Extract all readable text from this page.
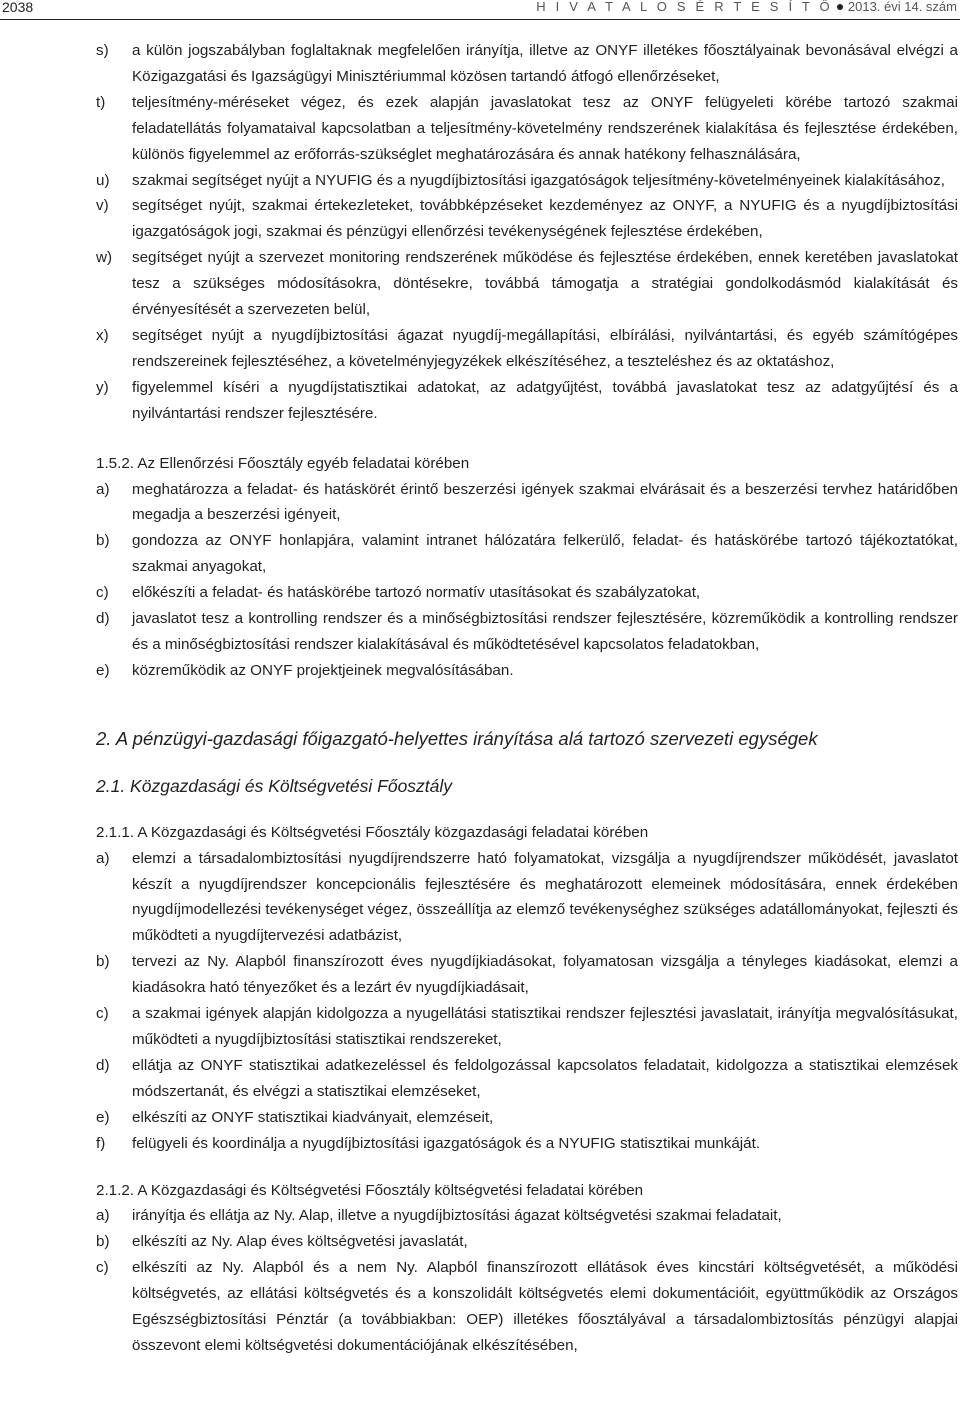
2038	H I V A T A L O S É R T E S Í T Ő 2013. évi 14. szám
s)	a külön jogszabályban foglaltaknak megfelelően irányítja, illetve az ONYF illetékes főosztályainak bevonásával elvégzi a Közigazgatási és Igazságügyi Minisztériummal közösen tartandó átfogó ellenőrzéseket,
t)	teljesítmény-méréseket végez, és ezek alapján javaslatokat tesz az ONYF felügyeleti körébe tartozó szakmai feladatellátás folyamataival kapcsolatban a teljesítmény-követelmény rendszerének kialakítása és fejlesztése érdekében, különös figyelemmel az erőforrás-szükséglet meghatározására és annak hatékony felhasználására,
u)	szakmai segítséget nyújt a NYUFIG és a nyugdíjbiztosítási igazgatóságok teljesítmény-követelményeinek kialakításához,
v)	segítséget nyújt, szakmai értekezleteket, továbbképzéseket kezdeményez az ONYF, a NYUFIG és a nyugdíjbiztosítási igazgatóságok jogi, szakmai és pénzügyi ellenőrzési tevékenységének fejlesztése érdekében,
w)	segítséget nyújt a szervezet monitoring rendszerének működése és fejlesztése érdekében, ennek keretében javaslatokat tesz a szükséges módosításokra, döntésekre, továbbá támogatja a stratégiai gondolkodásmód kialakítását és érvényesítését a szervezeten belül,
x)	segítséget nyújt a nyugdíjbiztosítási ágazat nyugdíj-megállapítási, elbírálási, nyilvántartási, és egyéb számítógépes rendszereinek fejlesztéséhez, a követelményjegyzékek elkészítéséhez, a teszteléshez és az oktatáshoz,
y)	figyelemmel kíséri a nyugdíjstatisztikai adatokat, az adatgyűjtést, továbbá javaslatokat tesz az adatgyűjtésí és a nyilvántartási rendszer fejlesztésére.
1.5.2. Az Ellenőrzési Főosztály egyéb feladatai körében
a)	meghatározza a feladat- és hatáskörét érintő beszerzési igények szakmai elvárásait és a beszerzési tervhez határidőben megadja a beszerzési igényeit,
b)	gondozza az ONYF honlapjára, valamint intranet hálózatára felkerülő, feladat- és hatáskörébe tartozó tájékoztatókat, szakmai anyagokat,
c)	előkészíti a feladat- és hatáskörébe tartozó normatív utasításokat és szabályzatokat,
d)	javaslatot tesz a kontrolling rendszer és a minőségbiztosítási rendszer fejlesztésére, közreműködik a kontrolling rendszer és a minőségbiztosítási rendszer kialakításával és működtetésével kapcsolatos feladatokban,
e)	közreműködik az ONYF projektjeinek megvalósításában.
2. A pénzügyi-gazdasági főigazgató-helyettes irányítása alá tartozó szervezeti egységek
2.1. Közgazdasági és Költségvetési Főosztály
2.1.1. A Közgazdasági és Költségvetési Főosztály közgazdasági feladatai körében
a)	elemzi a társadalombiztosítási nyugdíjrendszerre ható folyamatokat, vizsgálja a nyugdíjrendszer működését, javaslatot készít a nyugdíjrendszer koncepcionális fejlesztésére és meghatározott elemeinek módosítására, ennek érdekében nyugdíjmodellezési tevékenységet végez, összeállítja az elemző tevékenységhez szükséges adatállományokat, fejleszti és működteti a nyugdíjtervezési adatbázist,
b)	tervezi az Ny. Alapból finanszírozott éves nyugdíjkiadásokat, folyamatosan vizsgálja a tényleges kiadásokat, elemzi a kiadásokra ható tényezőket és a lezárt év nyugdíjkiadásait,
c)	a szakmai igények alapján kidolgozza a nyugellátási statisztikai rendszer fejlesztési javaslatait, irányítja megvalósításukat, működteti a nyugdíjbiztosítási statisztikai rendszereket,
d)	ellátja az ONYF statisztikai adatkezeléssel és feldolgozással kapcsolatos feladatait, kidolgozza a statisztikai elemzések módszertanát, és elvégzi a statisztikai elemzéseket,
e)	elkészíti az ONYF statisztikai kiadványait, elemzéseit,
f)	felügyeli és koordinálja a nyugdíjbiztosítási igazgatóságok és a NYUFIG statisztikai munkáját.
2.1.2. A Közgazdasági és Költségvetési Főosztály költségvetési feladatai körében
a)	irányítja és ellátja az Ny. Alap, illetve a nyugdíjbiztosítási ágazat költségvetési szakmai feladatait,
b)	elkészíti az Ny. Alap éves költségvetési javaslatát,
c)	elkészíti az Ny. Alapból és a nem Ny. Alapból finanszírozott ellátások éves kincstári költségvetését, a működési költségvetés, az ellátási költségvetés és a konszolidált költségvetés elemi dokumentációit, együttműködik az Országos Egészségbiztosítási Pénztár (a továbbiakban: OEP) illetékes főosztályával a társadalombiztosítás pénzügyi alapjai összevont elemi költségvetési dokumentációjának elkészítésében,
